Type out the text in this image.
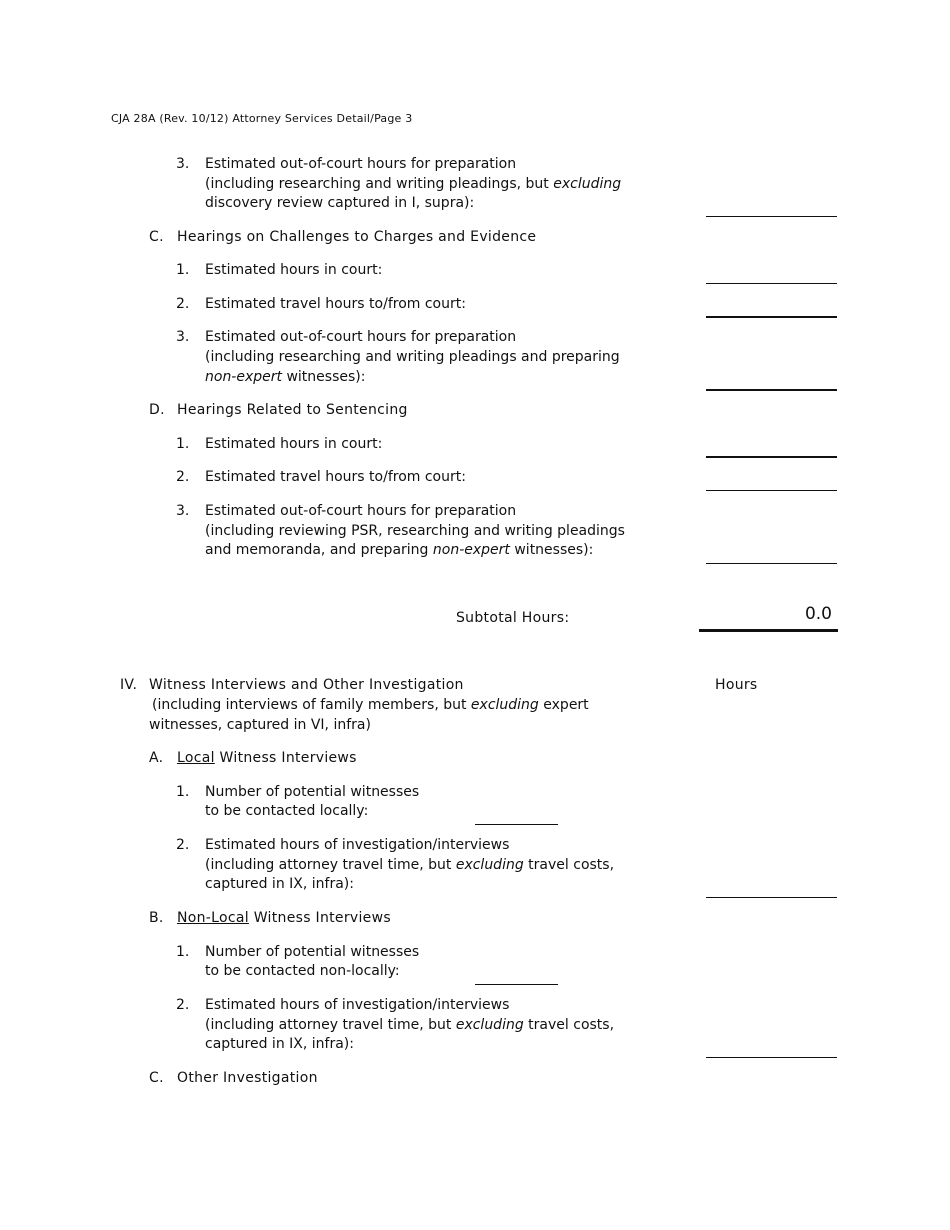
CJA 28A (Rev. 10/12) Attorney Services Detail/Page 3
3. Estimated out-of-court hours for preparation
(including researching and writing pleadings, but excluding
discovery review captured in I, supra):
C. Hearings on Challenges to Charges and Evidence
1. Estimated hours in court:
2. Estimated travel hours to/from court:
3. Estimated out-of-court hours for preparation
(including researching and writing pleadings and preparing
non-expert witnesses):
D. Hearings Related to Sentencing
1. Estimated hours in court:
2. Estimated travel hours to/from court:
3. Estimated out-of-court hours for preparation
(including reviewing PSR, researching and writing pleadings
and memoranda, and preparing non-expert witnesses):
Subtotal Hours:	0.0
IV. Witness Interviews and Other Investigation	Hours
(including interviews of family members, but excluding expert
witnesses, captured in VI, infra)
A. Local Witness Interviews
1. Number of potential witnesses
to be contacted locally:
2. Estimated hours of investigation/interviews
(including attorney travel time, but excluding travel costs,
captured in IX, infra):
B. Non-Local Witness Interviews
1. Number of potential witnesses
to be contacted non-locally:
2. Estimated hours of investigation/interviews
(including attorney travel time, but excluding travel costs,
captured in IX, infra):
C. Other Investigation
